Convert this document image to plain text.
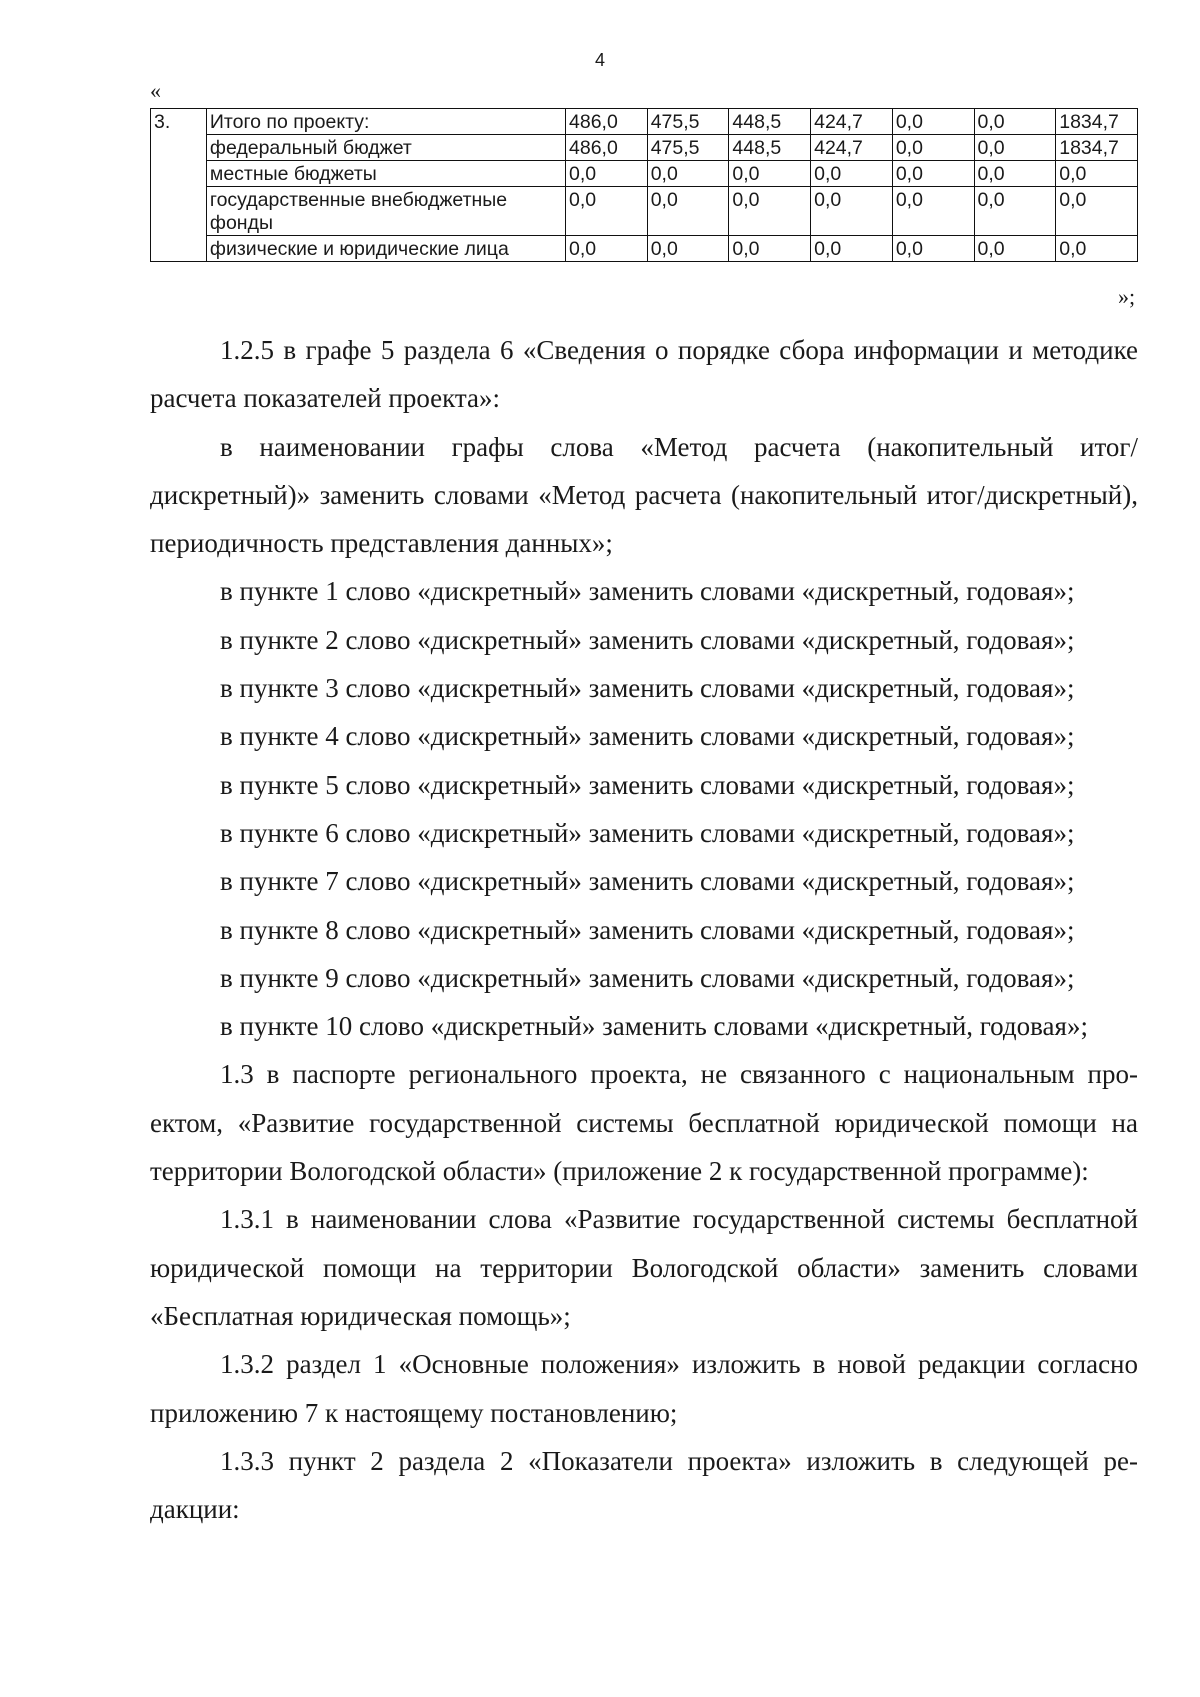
4
«
3.	Итого по проекту:	486,0	475,5	448,5	424,7	0,0	0,0	1834,7
	федеральный бюджет	486,0	475,5	448,5	424,7	0,0	0,0	1834,7
	местные бюджеты	0,0	0,0	0,0	0,0	0,0	0,0	0,0
	государственные внебюджетные фонды	0,0	0,0	0,0	0,0	0,0	0,0	0,0
	физические и юридические лица	0,0	0,0	0,0	0,0	0,0	0,0	0,0
»;

1.2.5 в графе 5 раздела 6 «Сведения о порядке сбора информации и методике расчета показателей проекта»:

в наименовании графы слова «Метод расчета (накопительный итог/дискретный)» заменить словами «Метод расчета (накопительный итог/дискретный), периодичность представления данных»;

в пункте 1 слово «дискретный» заменить словами «дискретный, годовая»;

в пункте 2 слово «дискретный» заменить словами «дискретный, годовая»;

в пункте 3 слово «дискретный» заменить словами «дискретный, годовая»;

в пункте 4 слово «дискретный» заменить словами «дискретный, годовая»;

в пункте 5 слово «дискретный» заменить словами «дискретный, годовая»;

в пункте 6 слово «дискретный» заменить словами «дискретный, годовая»;

в пункте 7 слово «дискретный» заменить словами «дискретный, годовая»;

в пункте 8 слово «дискретный» заменить словами «дискретный, годовая»;

в пункте 9 слово «дискретный» заменить словами «дискретный, годовая»;

в пункте 10 слово «дискретный» заменить словами «дискретный, годовая»;

1.3 в паспорте регионального проекта, не связанного с национальным проектом, «Развитие государственной системы бесплатной юридической помощи на территории Вологодской области» (приложение 2 к государственной программе):

1.3.1 в наименовании слова «Развитие государственной системы бесплатной юридической помощи на территории Вологодской области» заменить словами «Бесплатная юридическая помощь»;

1.3.2 раздел 1 «Основные положения» изложить в новой редакции согласно приложению 7 к настоящему постановлению;

1.3.3 пункт 2 раздела 2 «Показатели проекта» изложить в следующей редакции:
